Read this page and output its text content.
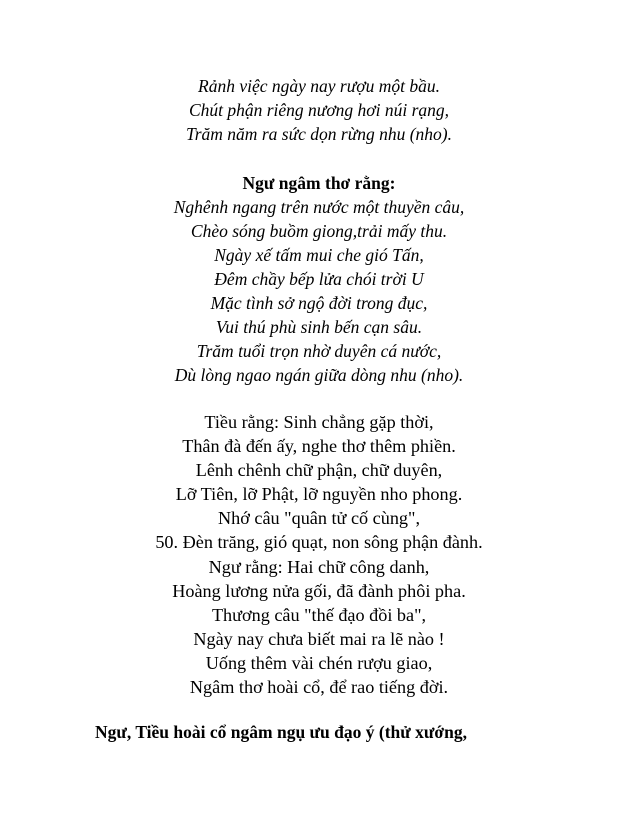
Rảnh việc ngày nay rượu một bầu.
Chút phận riêng nương hơi núi rạng,
Trăm năm ra sức dọn rừng nhu (nho).
Ngư ngâm thơ rằng:
Nghênh ngang trên nước một thuyền câu,
Chèo sóng buồm giong,trải mấy thu.
Ngày xế tấm mui che gió Tấn,
Đêm chầy bếp lửa chói trời U
Mặc tình sở ngộ đời trong đục,
Vui thú phù sinh bến cạn sâu.
Trăm tuổi trọn nhờ duyên cá nước,
Dù lòng ngao ngán giữa dòng nhu (nho).
Tiều rằng: Sinh chẳng gặp thời,
Thân đà đến ấy, nghe thơ thêm phiền.
Lênh chênh chữ phận, chữ duyên,
Lỡ Tiên, lỡ Phật, lỡ nguyền nho phong.
Nhớ câu "quân tử cố cùng",
50. Đèn trăng, gió quạt, non sông phận đành.
Ngư rằng: Hai chữ công danh,
Hoàng lương nửa gối, đã đành phôi pha.
Thương câu "thế đạo đồi ba",
Ngày nay chưa biết mai ra lẽ nào !
Uống thêm vài chén rượu giao,
Ngâm thơ hoài cổ, để rao tiếng đời.

Ngư, Tiều hoài cổ ngâm ngụ ưu đạo ý (thử xướng,
